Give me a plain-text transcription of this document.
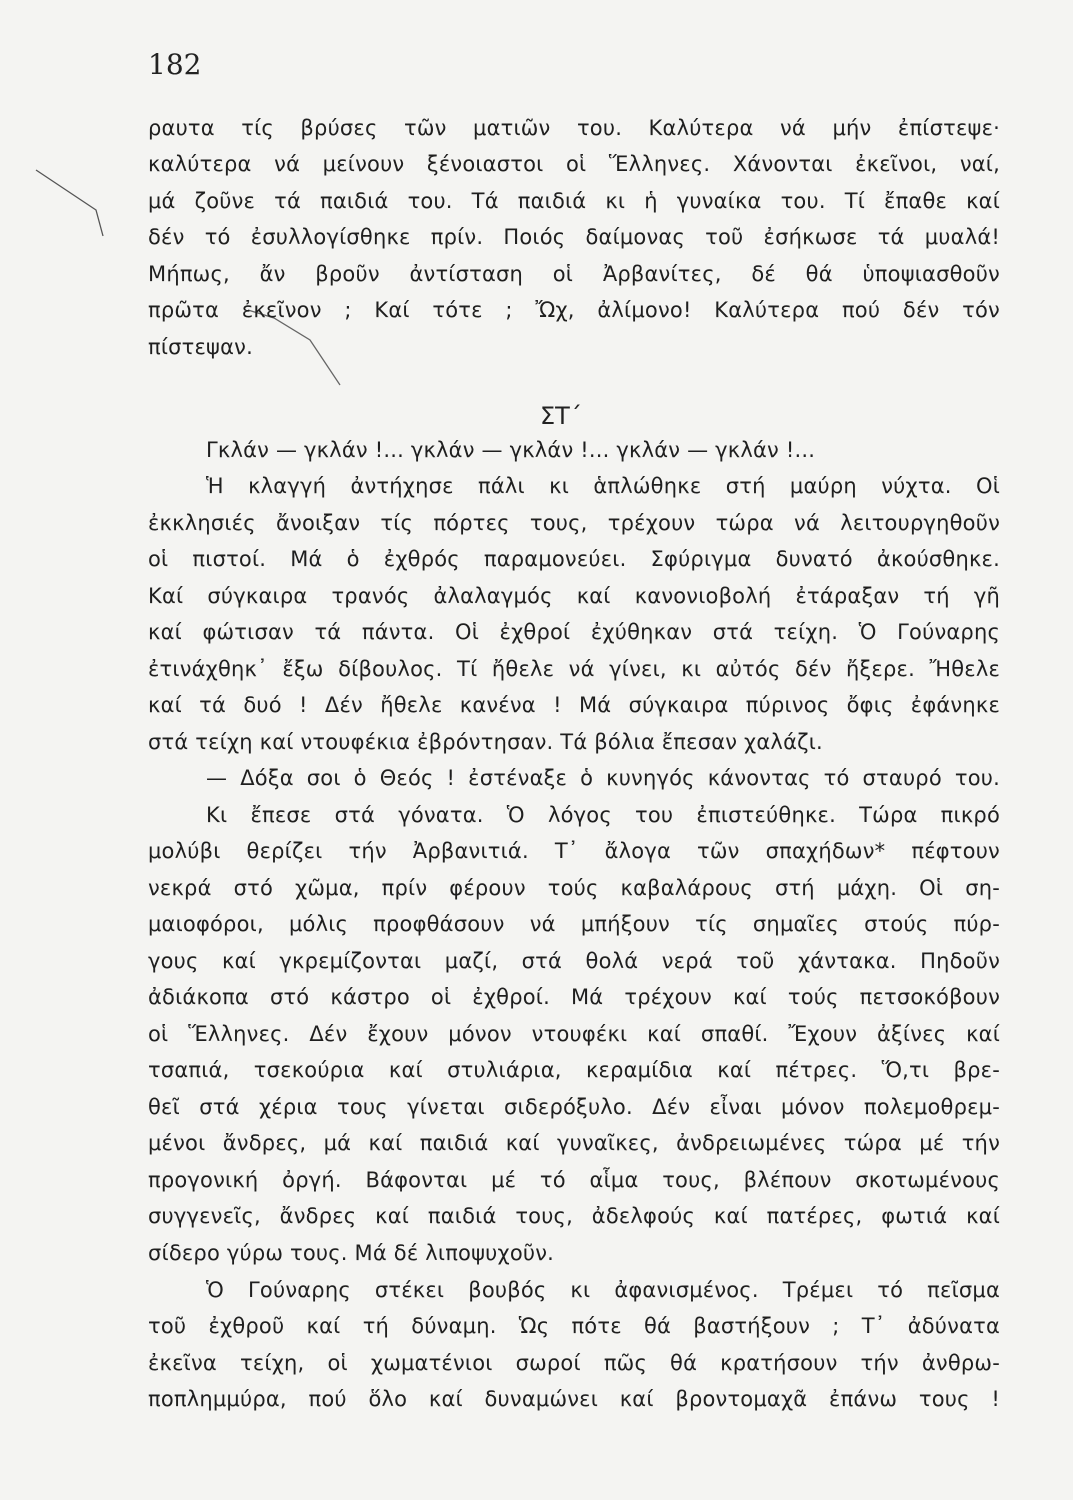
182
ραυτα τίς βρύσες τῶν ματιῶν του. Καλύτερα νά μήν ἐπίστεψε·
καλύτερα νά μείνουν ξένοιαστοι οἱ Ἕλληνες. Χάνονται ἐκεῖνοι, ναί,
μά ζοῦνε τά παιδιά του. Τά παιδιά κι ἡ γυναίκα του. Τί ἔπαθε καί
δέν τό ἐσυλλογίσθηκε πρίν. Ποιός δαίμονας τοῦ ἐσήκωσε τά μυαλά!
Μήπως, ἄν βροῦν ἀντίσταση οἱ Ἀρβανίτες, δέ θά ὑποψιασθοῦν
πρῶτα ἐκεῖνον ; Καί τότε ; Ὤχ, ἀλίμονο! Καλύτερα πού δέν τόν
πίστεψαν.
ΣΤ΄
Γκλάν — γκλάν !... γκλάν — γκλάν !... γκλάν — γκλάν !...
Ἡ κλαγγή ἀντήχησε πάλι κι ἁπλώθηκε στή μαύρη νύχτα. Οἱ
ἐκκλησιές ἄνοιξαν τίς πόρτες τους, τρέχουν τώρα νά λειτουργηθοῦν
οἱ πιστοί. Μά ὁ ἐχθρός παραμονεύει. Σφύριγμα δυνατό ἀκούσθηκε.
Καί σύγκαιρα τρανός ἀλαλαγμός καί κανονιοβολή ἐτάραξαν τή γῆ
καί φώτισαν τά πάντα. Οἱ ἐχθροί ἐχύθηκαν στά τείχη. Ὁ Γούναρης
ἐτινάχθηκ᾽ ἔξω δίβουλος. Τί ἤθελε νά γίνει, κι αὐτός δέν ἤξερε. Ἤθελε
καί τά δυό ! Δέν ἤθελε κανένα ! Μά σύγκαιρα πύρινος ὄφις ἐφάνηκε
στά τείχη καί ντουφέκια ἐβρόντησαν. Τά βόλια ἔπεσαν χαλάζι.
— Δόξα σοι ὁ Θεός ! ἐστέναξε ὁ κυνηγός κάνοντας τό σταυρό του.
Κι ἔπεσε στά γόνατα. Ὁ λόγος του ἐπιστεύθηκε. Τώρα πικρό
μολύβι θερίζει τήν Ἀρβανιτιά. Τ᾽ ἄλογα τῶν σπαχήδων* πέφτουν
νεκρά στό χῶμα, πρίν φέρουν τούς καβαλάρους στή μάχη. Οἱ ση-
μαιοφόροι, μόλις προφθάσουν νά μπήξουν τίς σημαῖες στούς πύρ-
γους καί γκρεμίζονται μαζί, στά θολά νερά τοῦ χάντακα. Πηδοῦν
ἀδιάκοπα στό κάστρο οἱ ἐχθροί. Μά τρέχουν καί τούς πετσοκόβουν
οἱ Ἕλληνες. Δέν ἔχουν μόνον ντουφέκι καί σπαθί. Ἔχουν ἀξίνες καί
τσαπιά, τσεκούρια καί στυλιάρια, κεραμίδια καί πέτρες. Ὅ,τι βρε-
θεῖ στά χέρια τους γίνεται σιδερόξυλο. Δέν εἶναι μόνον πολεμοθρεμ-
μένοι ἄνδρες, μά καί παιδιά καί γυναῖκες, ἀνδρειωμένες τώρα μέ τήν
προγονική ὀργή. Βάφονται μέ τό αἷμα τους, βλέπουν σκοτωμένους
συγγενεῖς, ἄνδρες καί παιδιά τους, ἀδελφούς καί πατέρες, φωτιά καί
σίδερο γύρω τους. Μά δέ λιποψυχοῦν.
Ὁ Γούναρης στέκει βουβός κι ἀφανισμένος. Τρέμει τό πεῖσμα
τοῦ ἐχθροῦ καί τή δύναμη. Ὡς πότε θά βαστήξουν ; Τ᾽ ἀδύνατα
ἐκεῖνα τείχη, οἱ χωματένιοι σωροί πῶς θά κρατήσουν τήν ἀνθρω-
ποπλημμύρα, πού ὅλο καί δυναμώνει καί βροντομαχᾶ ἐπάνω τους !
